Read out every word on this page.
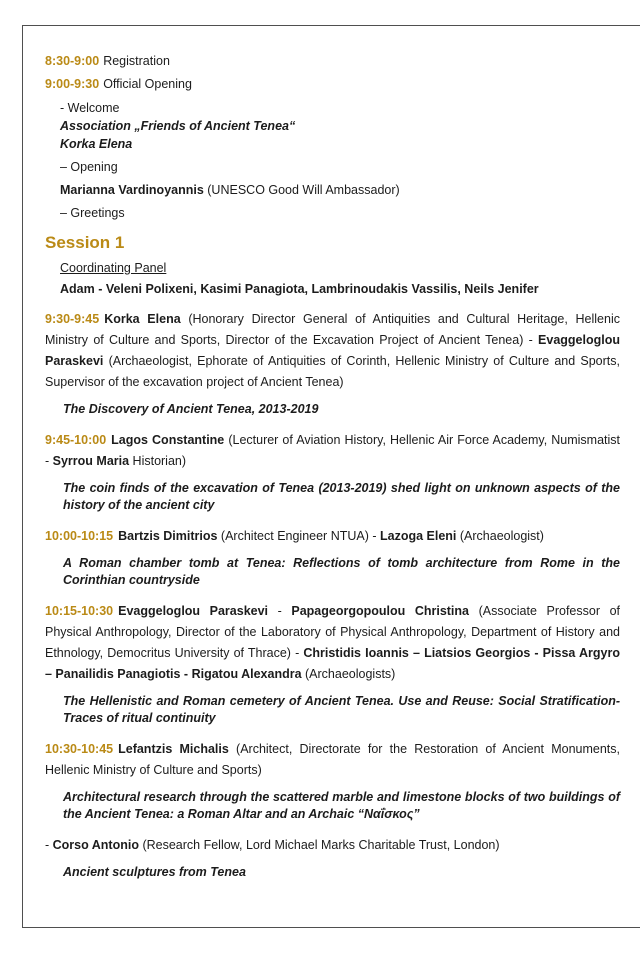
8:30-9:00 Registration
9:00-9:30 Official Opening
- Welcome
Association „Friends of Ancient Tenea“
Korka Elena
– Opening
Marianna Vardinoyannis (UNESCO Good Will Ambassador)
– Greetings
Session 1
Coordinating Panel
Adam - Veleni Polixeni, Kasimi Panagiota, Lambrinoudakis Vassilis, Neils Jenifer

9:30-9:45 Korka Elena (Honorary Director General of Antiquities and Cultural Heritage, Hellenic Ministry of Culture and Sports, Director of the Excavation Project of Ancient Tenea) - Evaggeloglou Paraskevi (Archaeologist, Ephorate of Antiquities of Corinth, Hellenic Ministry of Culture and Sports, Supervisor of the excavation project of Ancient Tenea)

The Discovery of Ancient Tenea, 2013-2019

9:45-10:00 Lagos Constantine (Lecturer of Aviation History, Hellenic Air Force Academy, Numismatist - Syrrou Maria Historian)

The coin finds of the excavation of Tenea (2013-2019) shed light on unknown aspects of the history of the ancient city

10:00-10:15 Bartzis Dimitrios (Architect Engineer NTUA) - Lazoga Eleni (Archaeologist)

A Roman chamber tomb at Tenea: Reflections of tomb architecture from Rome in the Corinthian countryside

10:15-10:30 Evaggeloglou Paraskevi - Papageorgopoulou Christina (Associate Professor of Physical Anthropology, Director of the Laboratory of Physical Anthropology, Department of History and Ethnology, Democritus University of Thrace) - Christidis Ioannis – Liatsios Georgios - Pissa Argyro – Panailidis Panagiotis - Rigatou Alexandra (Archaeologists)

The Hellenistic and Roman cemetery of Ancient Tenea. Use and Reuse: Social Stratification-Traces of ritual continuity

10:30-10:45 Lefantzis Michalis (Architect, Directorate for the Restoration of Ancient Monuments, Hellenic Ministry of Culture and Sports)

Architectural research through the scattered marble and limestone blocks of two buildings of the Ancient Tenea: a Roman Altar and an Archaic “Ναΐσκος”

- Corso Antonio (Research Fellow, Lord Michael Marks Charitable Trust, London)

Ancient sculptures from Tenea
